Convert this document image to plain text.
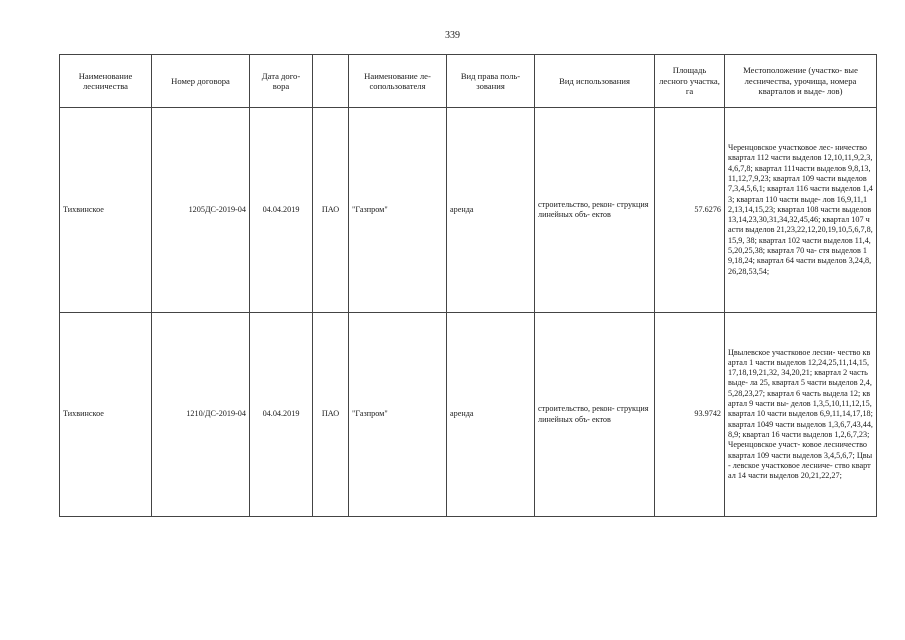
339
Наименование лесничества	Номер договора	Дата дого- вора		Наименование ле- сопользователя	Вид права поль- зования	Вид использования	Площадь лесного участка, га	Местоположение (участко- вые лесничества, урочища, номера кварталов и выде- лов)
Тихвинское	1205ДС-2019-04	04.04.2019	ПАО	"Газпром"	аренда	строительство, рекон- струкция линейных объ- ектов	57.6276	Черенцовское участковое лес- ничество квартал 112 части выделов 12,10,11,9,2,3,4,6,7,8; квартал 111части выделов 9,8,13,11,12,7,9,23; квартал 109 части выделов 7,3,4,5,6,1; квартал 116 части выделов 1,43; квартал 110 части выде- лов 16,9,11,12,13,14,15,23; квартал 108 части выделов 13,14,23,30,31,34,32,45,46; квартал 107 части выделов 21,23,22,12,20,19,10,5,6,7,8,15,9, 38; квартал 102 части выделов 11,4,5,20,25,38; квартал 70 ча- стя выделов 19,18,24; квартал 64 части выделов 3,24,8,26,28,53,54;
Тихвинское	1210/ДС-2019-04	04.04.2019	ПАО	"Газпром"	аренда	строительство, рекон- струкция линейных объ- ектов	93.9742	Цвылевское участковое лесни- чество квартал 1 части выделов 12,24,25,11,14,15,17,18,19,21,32, 34,20,21; квартал 2 часть выде- ла 25, квартал 5 части выделов 2,4,5,28,23,27; квартал 6 часть выдела 12; квартал 9 части вы- делов 1,3,5,10,11,12,15, квартал 10 части выделов 6,9,11,14,17,18; квартал 1049 части выделов 1,3,6,7,43,44,8,9; квартал 16 части выделов 1,2,6,7,23; Черенцовское участ- ковое лесничество квартал 109 части выделов 3,4,5,6,7; Цвы- левское участковое лесниче- ство квартал 14 части выделов 20,21,22,27;
